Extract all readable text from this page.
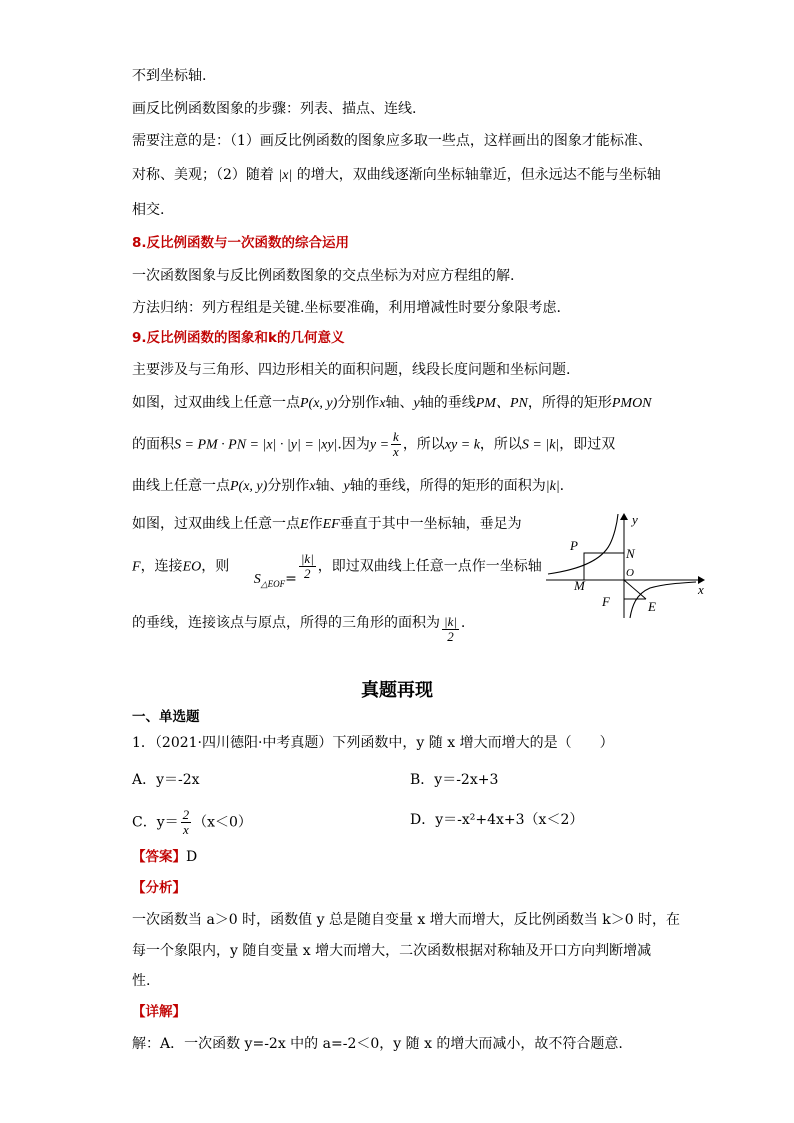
不到坐标轴.
画反比例函数图象的步骤：列表、描点、连线.
需要注意的是：（1）画反比例函数的图象应多取一些点，这样画出的图象才能标准、
对称、美观；（2）随着 |x| 的增大，双曲线逐渐向坐标轴靠近，但永远达不能与坐标轴
相交.
8.反比例函数与一次函数的综合运用
一次函数图象与反比例函数图象的交点坐标为对应方程组的解.
方法归纳：列方程组是关键.坐标要准确，利用增减性时要分象限考虑.
9.反比例函数的图象和k的几何意义
主要涉及与三角形、四边形相关的面积问题，线段长度问题和坐标问题.
如图，过双曲线上任意一点P(x, y)分别作x轴、y轴的垂线PM、PN，所得的矩形PMON
的面积S = PM · PN = |x| · |y| = |xy|.因为$y = \frac{k}{x}$ ，所以xy = k，所以S = |k|，即过双
曲线上任意一点P(x, y)分别作x轴、y轴的垂线，所得的矩形的面积为|k|.
如图，过双曲线上任意一点E作EF垂直于其中一坐标轴，垂足为
F，连接EO，则 $S_{\triangle EOF}= \frac{|k|}{2}$ ，即过双曲线上任意一点作一坐标轴
的垂线，连接该点与原点，所得的三角形的面积为 $\frac{|k|}{2}$ .
y
x
P
N
O
M
F	E
真题再现
一、单选题
1．（2021·四川德阳·中考真题）下列函数中，y 随 x 增大而增大的是（　　）
A．y＝-2x	B．y＝-2x+3
C．$y= \frac{2}{x} (x<0)$	D．y＝-x²+4x+3（x＜2）
【答案】D
【分析】
一次函数当 a＞0 时，函数值 y 总是随自变量 x 增大而增大，反比例函数当 k＞0 时，在
每一个象限内，y 随自变量 x 增大而增大，二次函数根据对称轴及开口方向判断增减
性.
【详解】
解：A．一次函数 y=-2x 中的 a=-2＜0，y 随 x 的增大而减小，故不符合题意.
